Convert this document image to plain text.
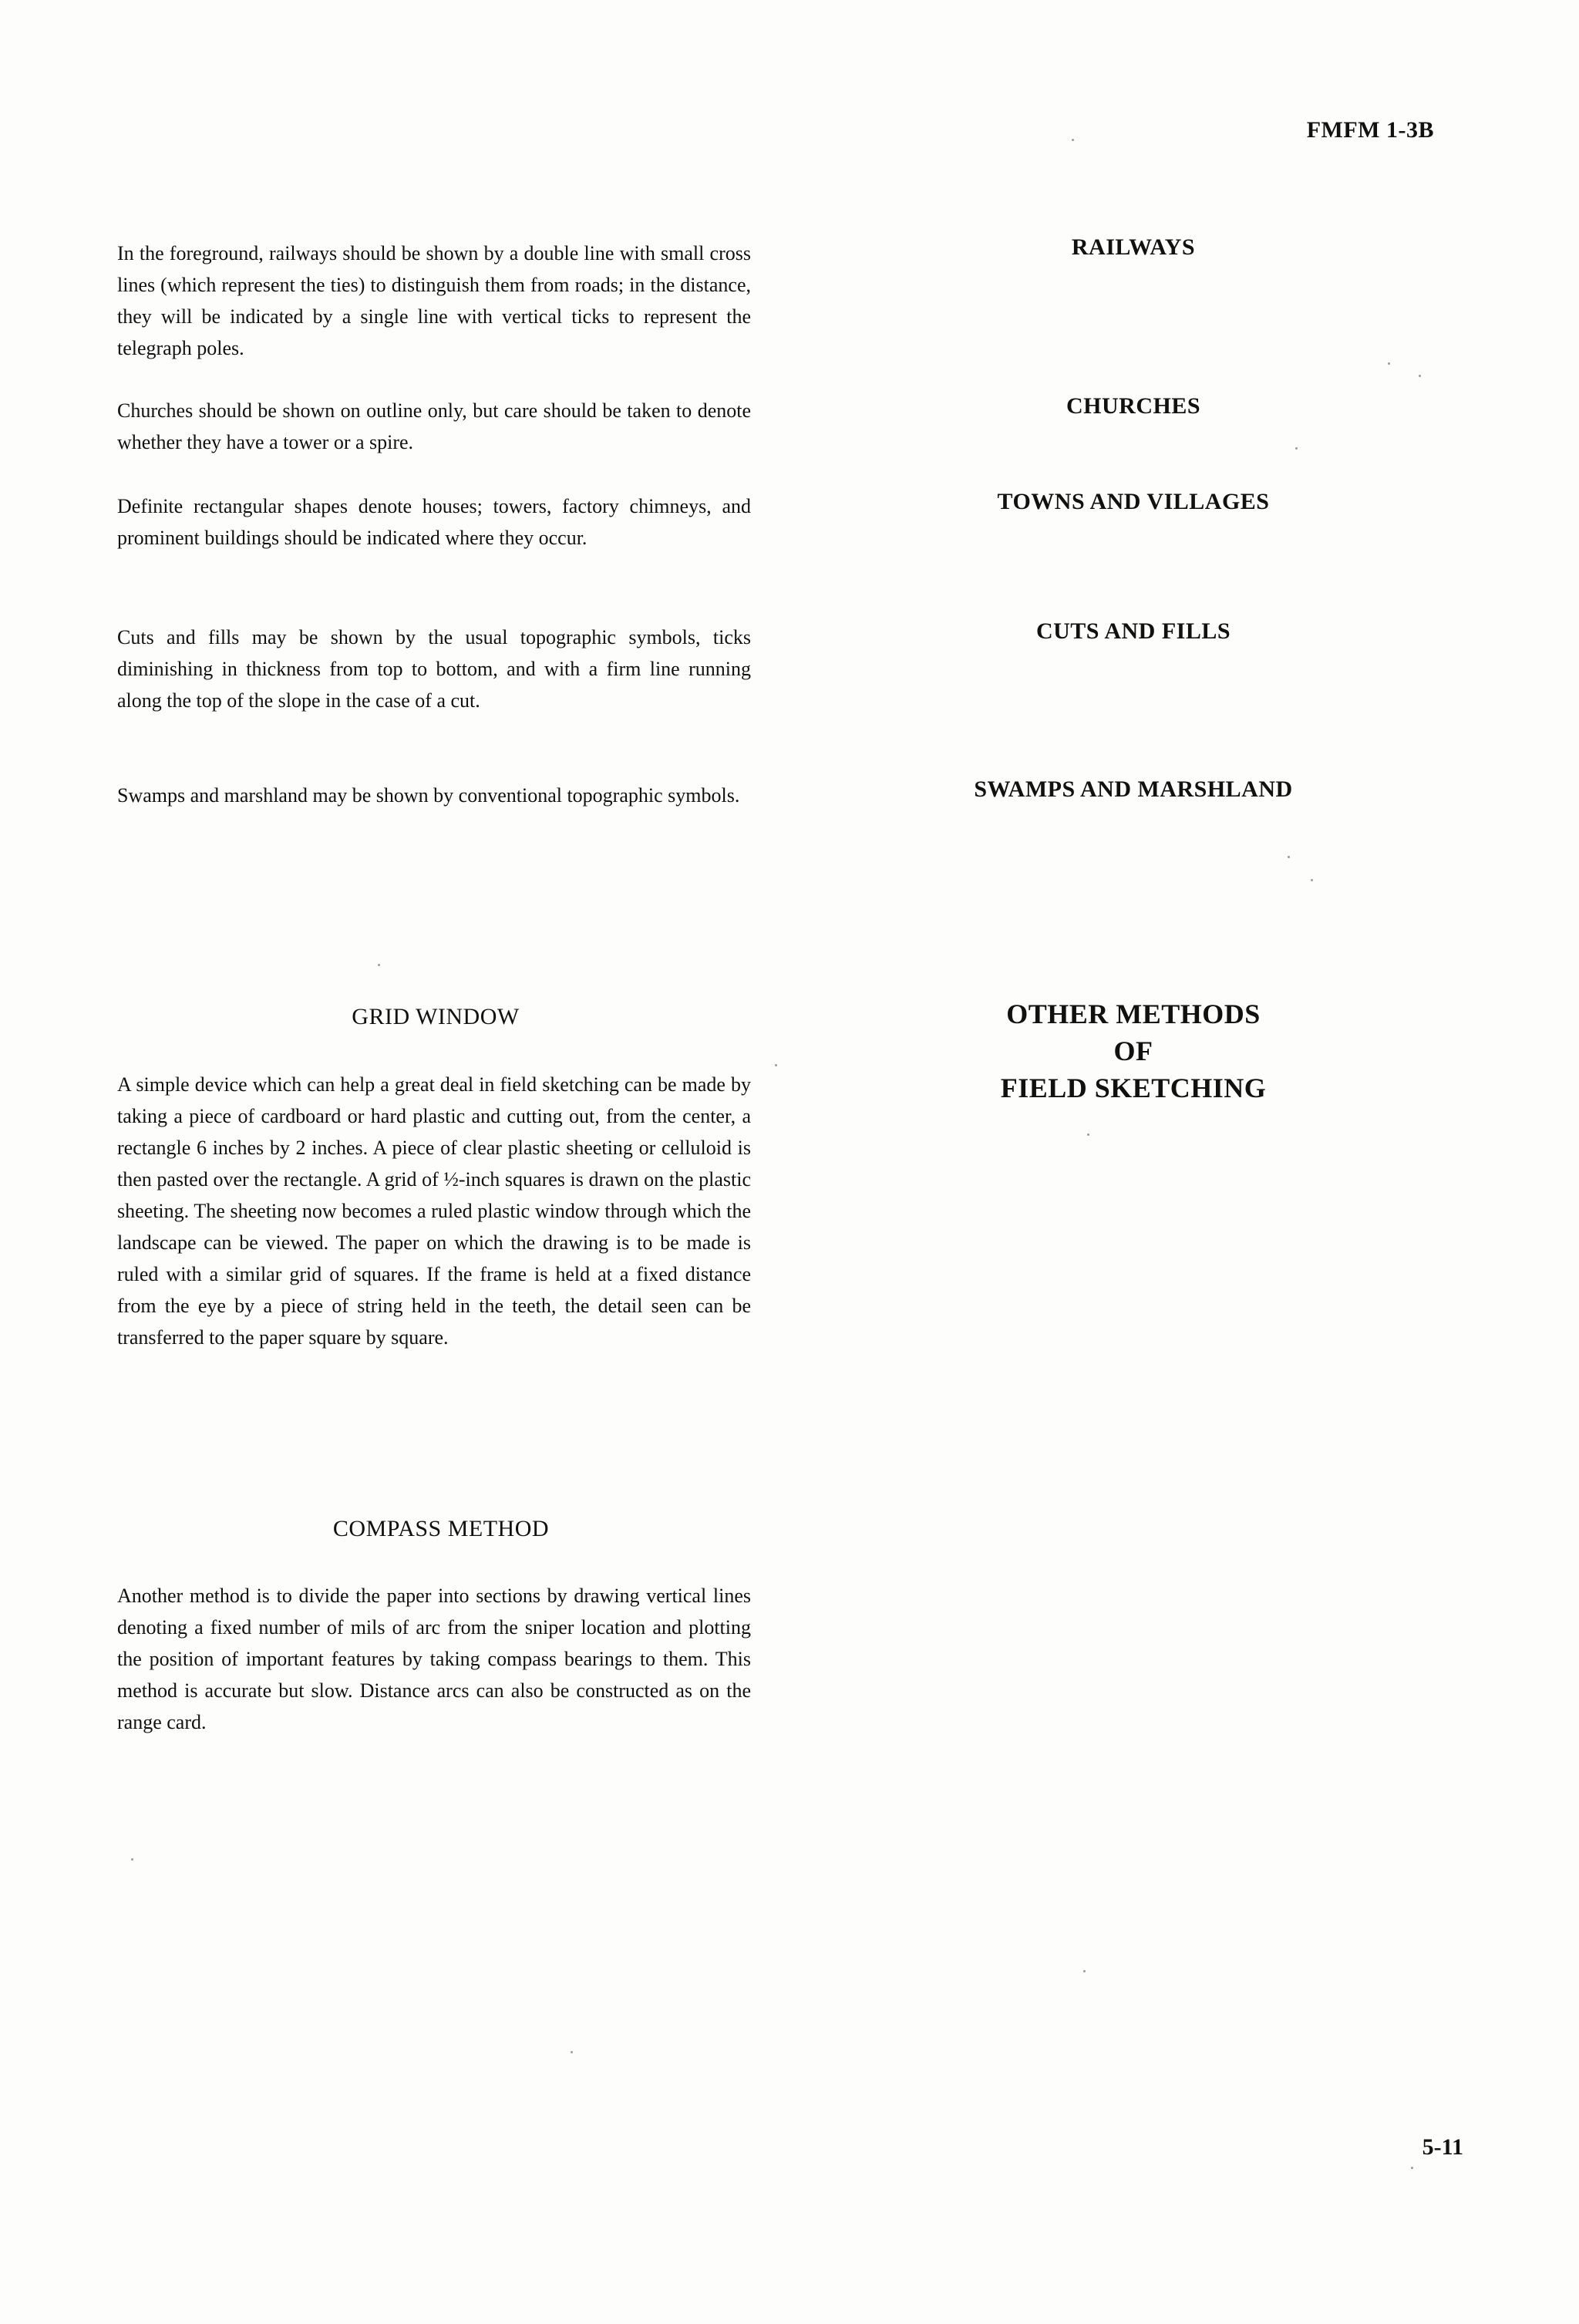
FMFM 1-3B

In the foreground, railways should be shown by a double line with small cross lines (which represent the ties) to distinguish them from roads; in the distance, they will be indicated by a single line with vertical ticks to represent the telegraph poles.

RAILWAYS

Churches should be shown on outline only, but care should be taken to denote whether they have a tower or a spire.

CHURCHES

Definite rectangular shapes denote houses; towers, factory chimneys, and prominent buildings should be indicated where they occur.

TOWNS AND VILLAGES

Cuts and fills may be shown by the usual topographic symbols, ticks diminishing in thickness from top to bottom, and with a firm line running along the top of the slope in the case of a cut.

CUTS AND FILLS

Swamps and marshland may be shown by conventional topographic symbols.	SWAMPS AND MARSHLAND
OTHER METHODS
OF
FIELD SKETCHING
GRID WINDOW

A simple device which can help a great deal in field sketching can be made by taking a piece of cardboard or hard plastic and cutting out, from the center, a rectangle 6 inches by 2 inches. A piece of clear plastic sheeting or celluloid is then pasted over the rectangle. A grid of ½-inch squares is drawn on the plastic sheeting. The sheeting now becomes a ruled plastic window through which the landscape can be viewed. The paper on which the drawing is to be made is ruled with a similar grid of squares. If the frame is held at a fixed distance from the eye by a piece of string held in the teeth, the detail seen can be transferred to the paper square by square.

COMPASS METHOD

Another method is to divide the paper into sections by drawing vertical lines denoting a fixed number of mils of arc from the sniper location and plotting the position of important features by taking compass bearings to them. This method is accurate but slow. Distance arcs can also be constructed as on the range card.

5-11
